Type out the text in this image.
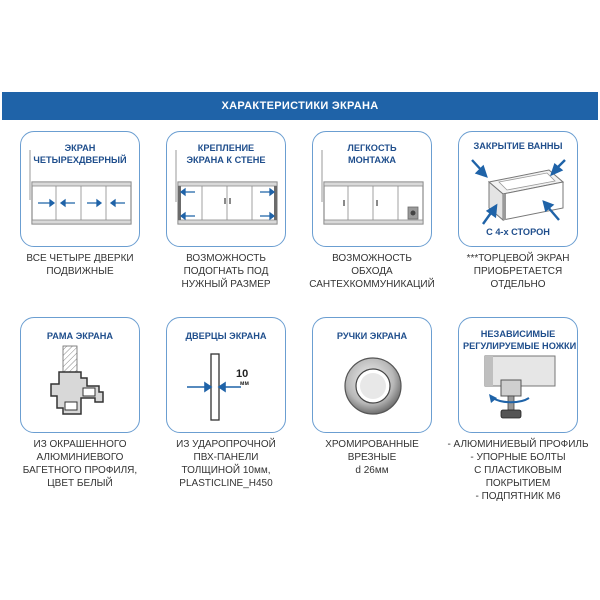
ХАРАКТЕРИСТИКИ ЭКРАНА
ЭКРАН
ЧЕТЫРЕХДВЕРНЫЙ
ВСЕ ЧЕТЫРЕ ДВЕРКИ
ПОДВИЖНЫЕ
КРЕПЛЕНИЕ
ЭКРАНА К СТЕНЕ
ВОЗМОЖНОСТЬ
ПОДОГНАТЬ ПОД
НУЖНЫЙ РАЗМЕР
ЛЕГКОСТЬ
МОНТАЖА
ВОЗМОЖНОСТЬ
ОБХОДА
САНТЕХКОММУНИКАЦИЙ
ЗАКРЫТИЕ ВАННЫ
С 4-х СТОРОН
***ТОРЦЕВОЙ ЭКРАН
ПРИОБРЕТАЕТСЯ
ОТДЕЛЬНО
РАМА ЭКРАНА
ИЗ ОКРАШЕННОГО
АЛЮМИНИЕВОГО
БАГЕТНОГО ПРОФИЛЯ,
ЦВЕТ БЕЛЫЙ
ДВЕРЦЫ ЭКРАНА
10
мм
ИЗ УДАРОПРОЧНОЙ
ПВХ-ПАНЕЛИ
ТОЛЩИНОЙ 10мм,
PLASTICLINE_H450
РУЧКИ ЭКРАНА
ХРОМИРОВАННЫЕ
ВРЕЗНЫЕ
d 26мм
НЕЗАВИСИМЫЕ
РЕГУЛИРУЕМЫЕ НОЖКИ
- АЛЮМИНИЕВЫЙ ПРОФИЛЬ
- УПОРНЫЕ БОЛТЫ
С ПЛАСТИКОВЫМ
ПОКРЫТИЕМ
- ПОДПЯТНИК М6
